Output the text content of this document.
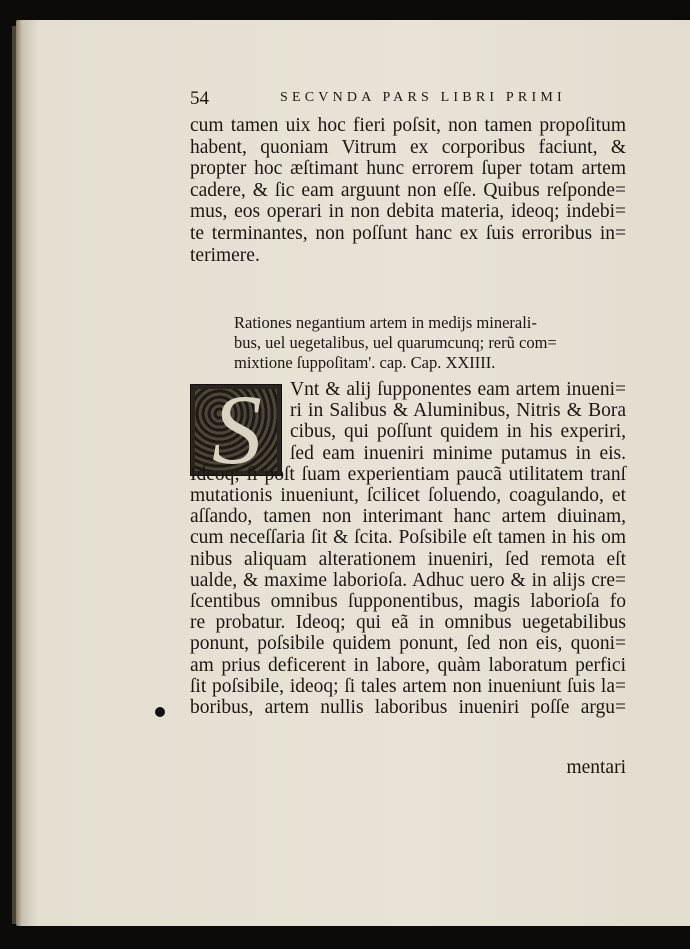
54	SECVNDA PARS LIBRI PRIMI
cum tamen uix hoc fieri poſsit, non tamen propoſitum
habent, quoniam Vitrum ex corporibus faciunt, &
propter hoc æſtimant hunc errorem ſuper totam artem
cadere, & ſic eam arguunt non eſſe. Quibus reſponde=
mus, eos operari in non debita materia, ideoq; indebi=
te terminantes, non poſſunt hanc ex ſuis erroribus in=
terimere.
Rationes negantium artem in medijs minerali-
bus, uel uegetalibus, uel quarumcunq; rerũ com=
mixtione ſuppoſitam'. cap. Cap. XXIIII.
S	Vnt & alij ſupponentes eam artem inueni=
ri in Salibus & Aluminibus, Nitris & Bora
cibus, qui poſſunt quidem in his experiri,
ſed eam inueniri minime putamus in eis.
Ideoq; ſi poſt ſuam experientiam paucã utilitatem tranſ
mutationis inueniunt, ſcilicet ſoluendo, coagulando, et
aſſando, tamen non interimant hanc artem diuinam,
cum neceſſaria ſit & ſcita. Poſsibile eſt tamen in his om
nibus aliquam alterationem inueniri, ſed remota eſt
ualde, & maxime laborioſa. Adhuc uero & in alijs cre=
ſcentibus omnibus ſupponentibus, magis laborioſa fo
re probatur. Ideoq; qui eã in omnibus uegetabilibus
ponunt, poſsibile quidem ponunt, ſed non eis, quoni=
am prius deficerent in labore, quàm laboratum perfici
ſit poſsibile, ideoq; ſi tales artem non inueniunt ſuis la=
boribus, artem nullis laboribus inueniri poſſe argu=
mentari
